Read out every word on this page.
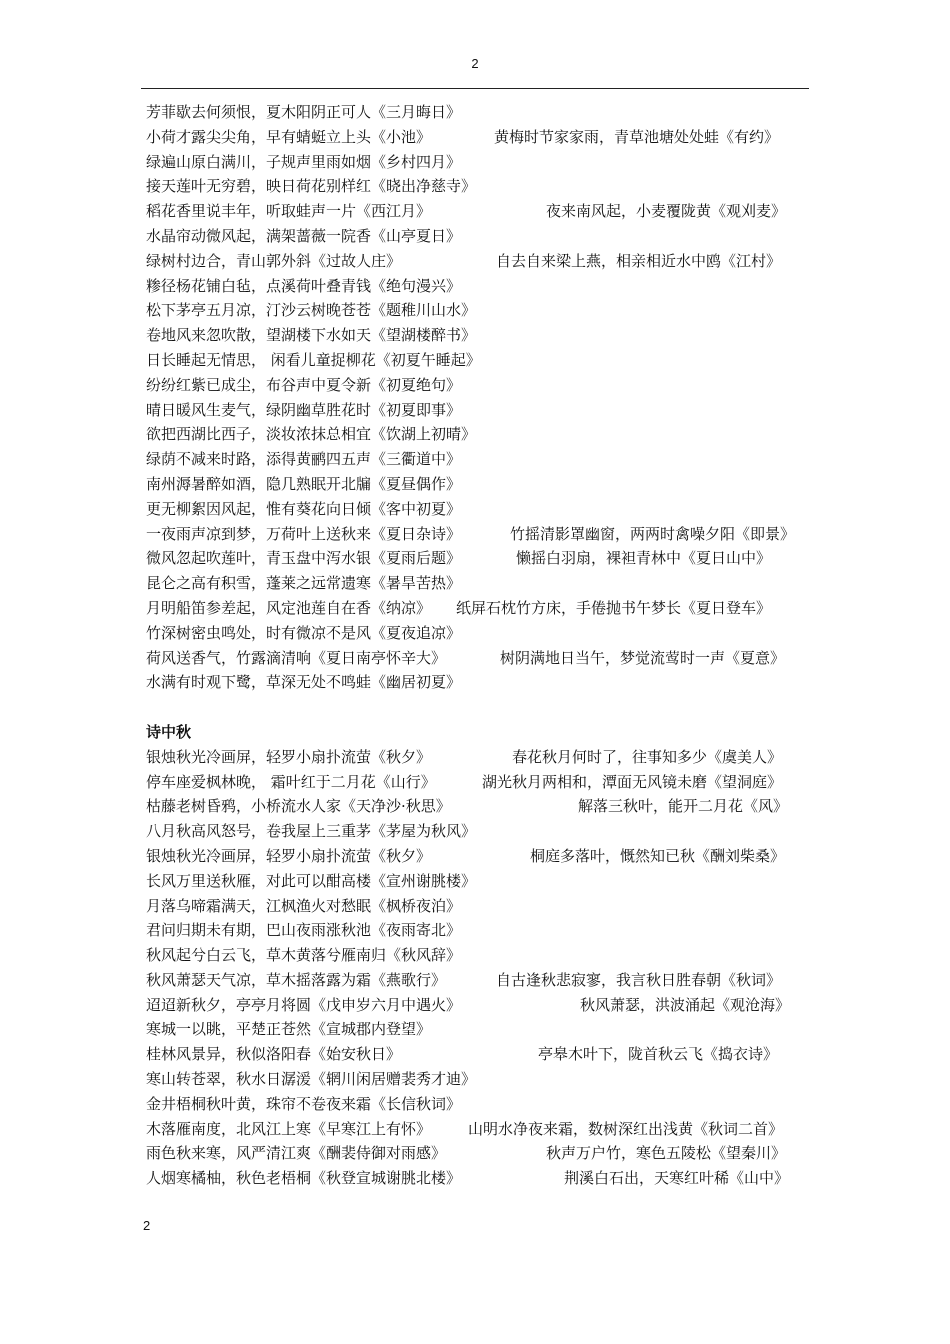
2
芳菲歇去何须恨，夏木阳阴正可人《三月晦日》
小荷才露尖尖角，早有蜻蜓立上头《小池》	黄梅时节家家雨，青草池塘处处蛙《有约》
绿遍山原白满川，子规声里雨如烟《乡村四月》
接天莲叶无穷碧，映日荷花别样红《晓出净慈寺》
稻花香里说丰年，听取蛙声一片《西江月》	夜来南风起，小麦覆陇黄《观刈麦》
水晶帘动微风起，满架蔷薇一院香《山亭夏日》
绿树村边合，青山郭外斜《过故人庄》	自去自来梁上燕，相亲相近水中鸥《江村》
糁径杨花铺白毡，点溪荷叶叠青钱《绝句漫兴》
松下茅亭五月凉，汀沙云树晚苍苍《题稚川山水》
卷地风来忽吹散，望湖楼下水如天《望湖楼醉书》
日长睡起无情思， 闲看儿童捉柳花《初夏午睡起》
纷纷红紫已成尘，布谷声中夏令新《初夏绝句》
晴日暖风生麦气，绿阴幽草胜花时《初夏即事》
欲把西湖比西子，淡妆浓抹总相宜《饮湖上初晴》
绿荫不减来时路，添得黄鹂四五声《三衢道中》
南州溽暑醉如酒，隐几熟眠开北牖《夏昼偶作》
更无柳絮因风起，惟有葵花向日倾《客中初夏》
一夜雨声凉到梦，万荷叶上送秋来《夏日杂诗》	竹摇清影罩幽窗，两两时禽噪夕阳《即景》
微风忽起吹莲叶，青玉盘中泻水银《夏雨后题》	懒摇白羽扇，裸袒青林中《夏日山中》
昆仑之高有积雪，蓬莱之远常遗寒《暑旱苦热》
月明船笛参差起，风定池莲自在香《纳凉》 纸屏石枕竹方床，手倦抛书午梦长《夏日登车》
竹深树密虫鸣处，时有微凉不是风《夏夜追凉》
荷风送香气，竹露滴清响《夏日南亭怀辛大》	树阴满地日当午，梦觉流莺时一声《夏意》
水满有时观下鹭，草深无处不鸣蛙《幽居初夏》
诗中秋
银烛秋光冷画屏，轻罗小扇扑流萤《秋夕》	春花秋月何时了，往事知多少《虞美人》
停车座爱枫林晚， 霜叶红于二月花《山行》	湖光秋月两相和，潭面无风镜未磨《望洞庭》
枯藤老树昏鸦，小桥流水人家《天净沙·秋思》	解落三秋叶，能开二月花《风》
八月秋高风怒号，卷我屋上三重茅《茅屋为秋风》
银烛秋光冷画屏，轻罗小扇扑流萤《秋夕》	桐庭多落叶，慨然知已秋《酬刘柴桑》
长风万里送秋雁，对此可以酣高楼《宣州谢朓楼》
月落乌啼霜满天，江枫渔火对愁眠《枫桥夜泊》
君问归期未有期，巴山夜雨涨秋池《夜雨寄北》
秋风起兮白云飞，草木黄落兮雁南归《秋风辞》
秋风萧瑟天气凉，草木摇落露为霜《燕歌行》	自古逢秋悲寂寥，我言秋日胜春朝《秋词》
迢迢新秋夕，亭亭月将圆《戊申岁六月中遇火》	秋风萧瑟，洪波涌起《观沧海》
寒城一以眺，平楚正苍然《宣城郡内登望》
桂林风景异，秋似洛阳春《始安秋日》	亭皋木叶下，陇首秋云飞《捣衣诗》
寒山转苍翠，秋水日潺湲《辋川闲居赠裴秀才迪》
金井梧桐秋叶黄，珠帘不卷夜来霜《长信秋词》
木落雁南度，北风江上寒《早寒江上有怀》 山明水净夜来霜，数树深红出浅黄《秋词二首》
雨色秋来寒，风严清江爽《酬裴侍御对雨感》	秋声万户竹，寒色五陵松《望秦川》
人烟寒橘柚，秋色老梧桐《秋登宣城谢朓北楼》	荆溪白石出，天寒红叶稀《山中》
2
